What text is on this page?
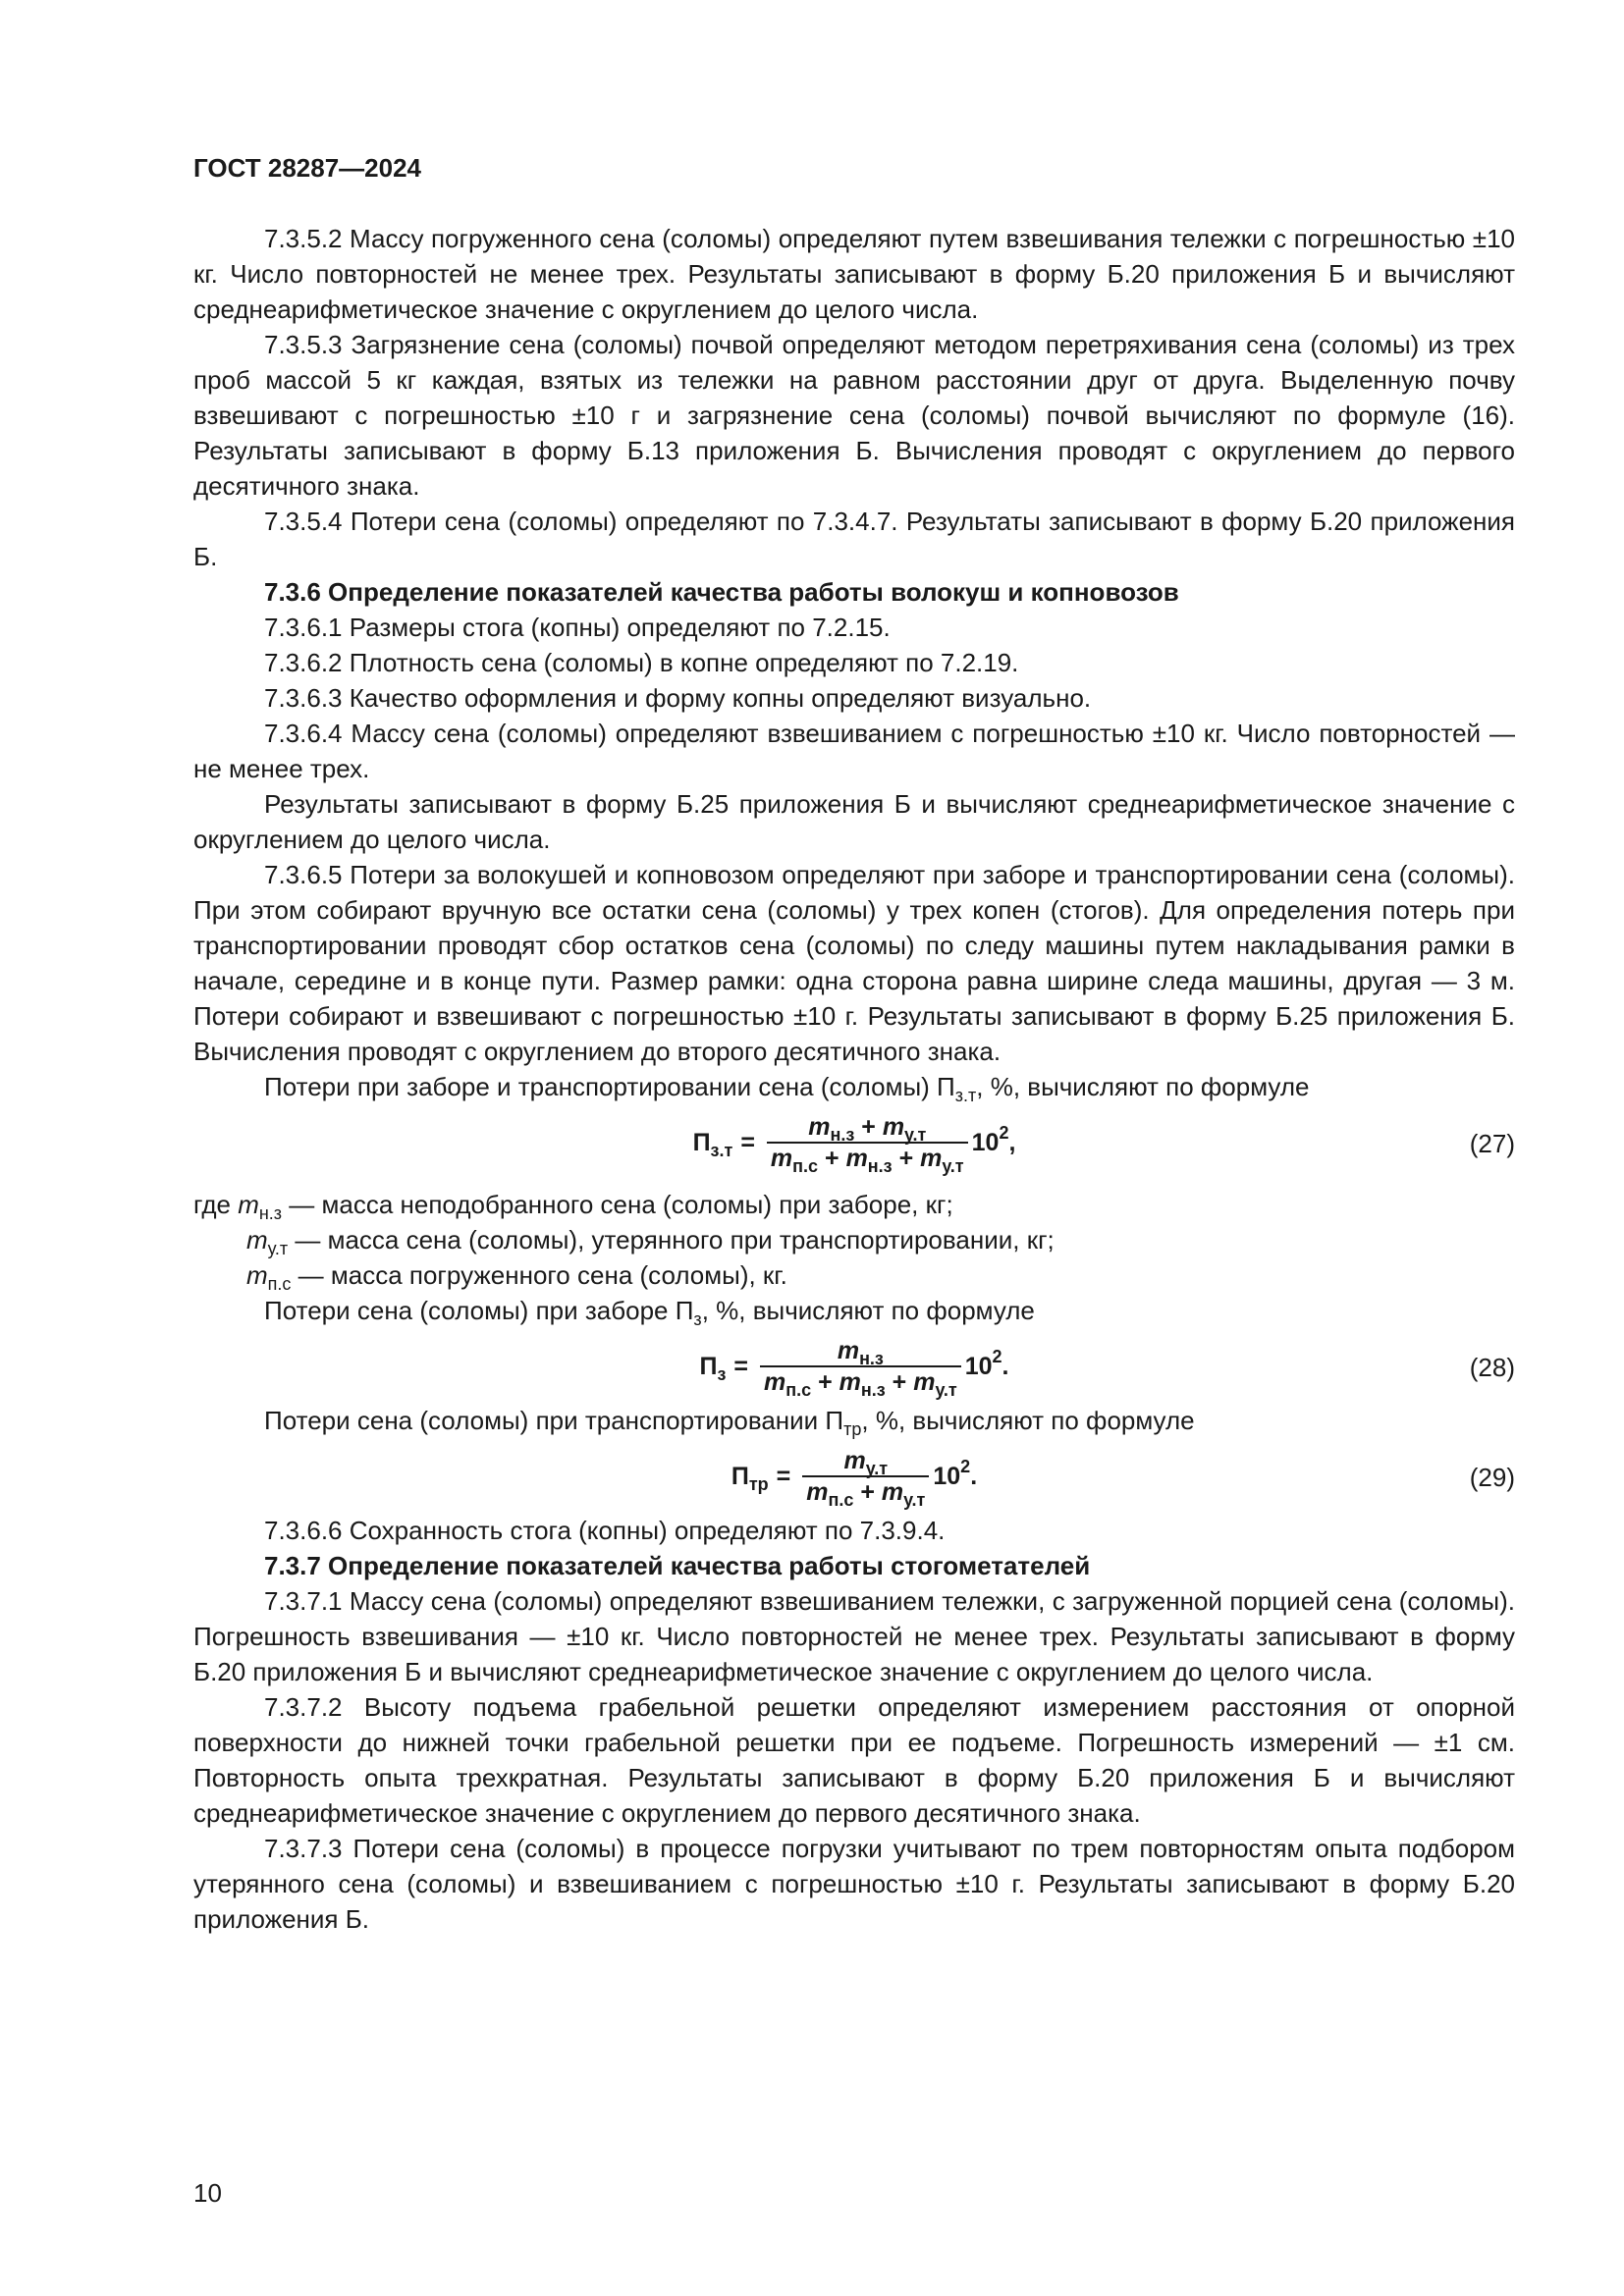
ГОСТ 28287—2024

7.3.5.2 Массу погруженного сена (соломы) определяют путем взвешивания тележки с погрешностью ±10 кг. Число повторностей не менее трех. Результаты записывают в форму Б.20 приложения Б и вычисляют среднеарифметическое значение с округлением до целого числа.

7.3.5.3 Загрязнение сена (соломы) почвой определяют методом перетряхивания сена (соломы) из трех проб массой 5 кг каждая, взятых из тележки на равном расстоянии друг от друга. Выделенную почву взвешивают с погрешностью ±10 г и загрязнение сена (соломы) почвой вычисляют по формуле (16). Результаты записывают в форму Б.13 приложения Б. Вычисления проводят с округлением до первого десятичного знака.

7.3.5.4 Потери сена (соломы) определяют по 7.3.4.7. Результаты записывают в форму Б.20 приложения Б.

7.3.6 Определение показателей качества работы волокуш и копновозов

7.3.6.1 Размеры стога (копны) определяют по 7.2.15.

7.3.6.2 Плотность сена (соломы) в копне определяют по 7.2.19.

7.3.6.3 Качество оформления и форму копны определяют визуально.

7.3.6.4 Массу сена (соломы) определяют взвешиванием с погрешностью ±10 кг. Число повторностей — не менее трех.

Результаты записывают в форму Б.25 приложения Б и вычисляют среднеарифметическое значение с округлением до целого числа.

7.3.6.5 Потери за волокушей и копновозом определяют при заборе и транспортировании сена (соломы). При этом собирают вручную все остатки сена (соломы) у трех копен (стогов). Для определения потерь при транспортировании проводят сбор остатков сена (соломы) по следу машины путем накладывания рамки в начале, середине и в конце пути. Размер рамки: одна сторона равна ширине следа машины, другая — 3 м. Потери собирают и взвешивают с погрешностью ±10 г. Результаты записывают в форму Б.25 приложения Б. Вычисления проводят с округлением до второго десятичного знака.

Потери при заборе и транспортировании сена (соломы) $П_{з.т}$, %, вычисляют по формуле

$П_{з.т} = \frac{m_{н.з} + m_{у.т}}{m_{п.с} + m_{н.з} + m_{у.т}} 10^2$,	(27)
где $m_{н.з}$ — масса неподобранного сена (соломы) при заборе, кг;
$m_{у.т}$ — масса сена (соломы), утерянного при транспортировании, кг;
$m_{п.с}$ — масса погруженного сена (соломы), кг.

Потери сена (соломы) при заборе $П_з$, %, вычисляют по формуле

$П_з = \frac{m_{н.з}}{m_{п.с} + m_{н.з} + m_{у.т}} 10^2$.	(28)

Потери сена (соломы) при транспортировании $П_{тр}$, %, вычисляют по формуле

$П_{тр} = \frac{m_{у.т}}{m_{п.с} + m_{у.т}} 10^2$.	(29)

7.3.6.6 Сохранность стога (копны) определяют по 7.3.9.4.

7.3.7 Определение показателей качества работы стогометателей

7.3.7.1 Массу сена (соломы) определяют взвешиванием тележки, с загруженной порцией сена (соломы). Погрешность взвешивания — ±10 кг. Число повторностей не менее трех. Результаты записывают в форму Б.20 приложения Б и вычисляют среднеарифметическое значение с округлением до целого числа.

7.3.7.2 Высоту подъема грабельной решетки определяют измерением расстояния от опорной поверхности до нижней точки грабельной решетки при ее подъеме. Погрешность измерений — ±1 см. Повторность опыта трехкратная. Результаты записывают в форму Б.20 приложения Б и вычисляют среднеарифметическое значение с округлением до первого десятичного знака.

7.3.7.3 Потери сена (соломы) в процессе погрузки учитывают по трем повторностям опыта подбором утерянного сена (соломы) и взвешиванием с погрешностью ±10 г. Результаты записывают в форму Б.20 приложения Б.

10
